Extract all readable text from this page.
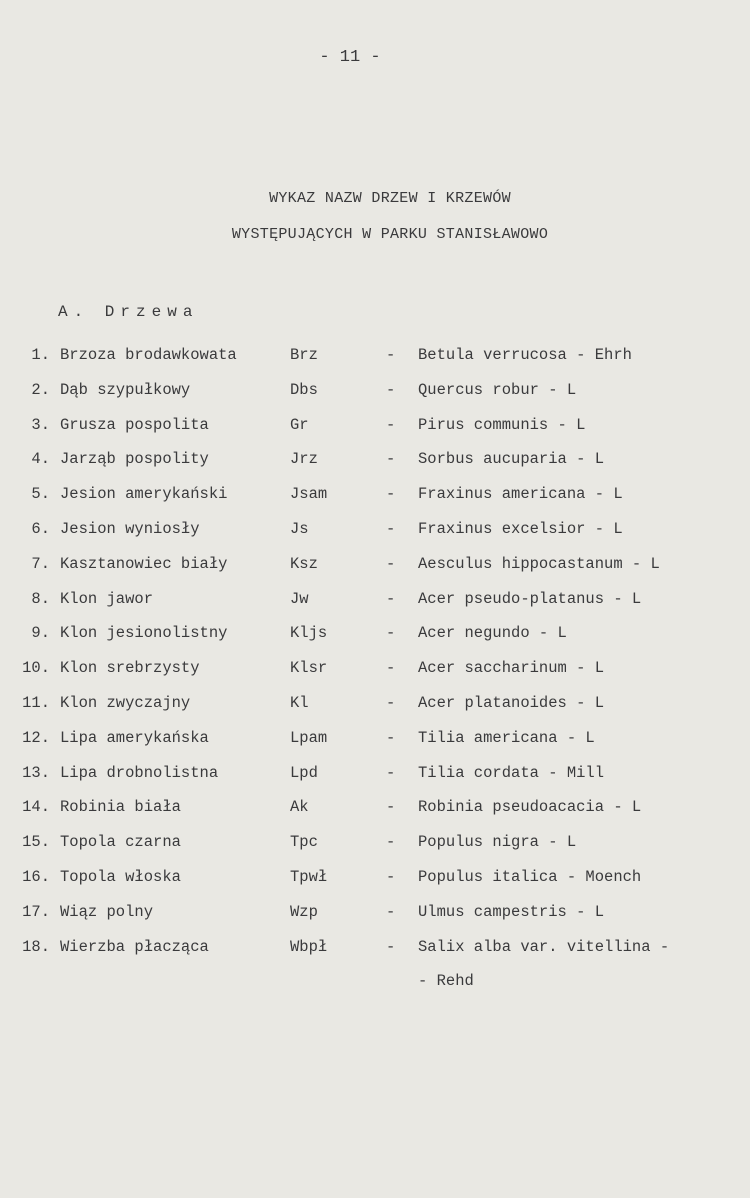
- 11 -
WYKAZ NAZW DRZEW I KRZEWÓW
WYSTĘPUJĄCYCH W PARKU STANISŁAWOWO
A. Drzewa
1. Brzoza brodawkowata	Brz	- Betula verrucosa - Ehrh
2. Dąb szypułkowy	Dbs	- Quercus robur - L
3. Grusza pospolita	Gr	- Pirus communis - L
4. Jarząb pospolity	Jrz	- Sorbus aucuparia - L
5. Jesion amerykański	Jsam	- Fraxinus americana - L
6. Jesion wyniosły	Js	- Fraxinus excelsior - L
7. Kasztanowiec biały	Ksz	- Aesculus hippocastanum - L
8. Klon jawor	Jw	- Acer pseudo-platanus - L
9. Klon jesionolistny	Kljs	- Acer negundo - L
10. Klon srebrzysty	Klsr	- Acer saccharinum - L
11. Klon zwyczajny	Kl	- Acer platanoides - L
12. Lipa amerykańska	Lpam	- Tilia americana - L
13. Lipa drobnolistna	Lpd	- Tilia cordata - Mill
14. Robinia biała	Ak	- Robinia pseudoacacia - L
15. Topola czarna	Tpc	- Populus nigra - L
16. Topola włoska	Tpwł	- Populus italica - Moench
17. Wiąz polny	Wzp	- Ulmus campestris - L
18. Wierzba płacząca	Wbpł	- Salix alba var. vitellina -
- Rehd
